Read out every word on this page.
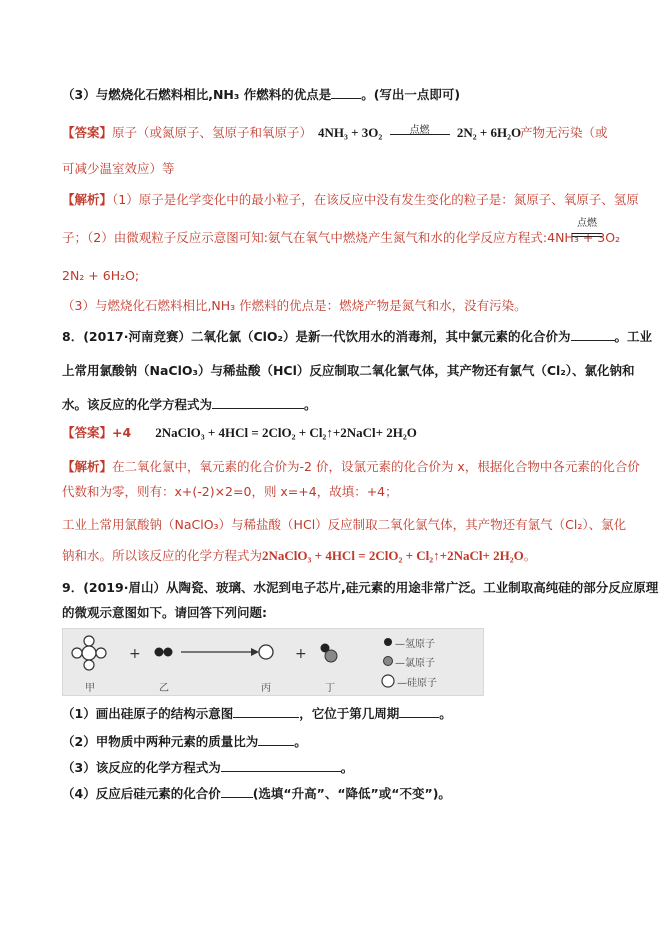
（3）与燃烧化石燃料相比,NH₃ 作燃料的优点是 。(写出一点即可)
【答案】原子（或氮原子、氢原子和氧原子） 4NH₃ + 3O₂	点燃	2N₂ + 6H₂O
产物无污染（或
可减少温室效应）等
【解析】（1）原子是化学变化中的最小粒子，在该反应中没有发生变化的粒子是：氮原子、氧原子、氢原
子；（2）由微观粒子反应示意图可知:氨气在氧气中燃烧产生氮气和水的化学反应方程式:4NH₃ + 3O₂
点燃
2N₂ + 6H₂O;
（3）与燃烧化石燃料相比,NH₃ 作燃料的优点是：燃烧产物是氮气和水，没有污染。
8．(2017·河南竞赛）二氧化氯（ClO₂）是新一代饮用水的消毒剂，其中氯元素的化合价为	。工业
上常用氯酸钠（NaClO₃）与稀盐酸（HCl）反应制取二氧化氯气体，其产物还有氯气（Cl₂）、氯化钠和
水。该反应的化学方程式为	。
【答案】+4 2NaClO₃ + 4HCl = 2ClO₂ + Cl₂↑+2NaCl+ 2H₂O
【解析】在二氧化氯中，氧元素的化合价为-2 价，设氯元素的化合价为 x，根据化合物中各元素的化合价
代数和为零，则有：x+(-2)×2=0，则 x=+4，故填：+4；
工业上常用氯酸钠（NaClO₃）与稀盐酸（HCl）反应制取二氧化氯气体，其产物还有氯气（Cl₂）、氯化
钠和水。所以该反应的化学方程式为2NaClO₃ + 4HCl = 2ClO₂ + Cl₂↑+2NaCl+ 2H₂O。
9．(2019·眉山）从陶瓷、玻璃、水泥到电子芯片,硅元素的用途非常广泛。工业制取高纯硅的部分反应原理
的微观示意图如下。请回答下列问题:
+	+
甲	乙	丙	丁
—氢原子
—氯原子
—硅原子
（1）画出硅原子的结构示意图	，它位于第几周期	。
（2）甲物质中两种元素的质量比为	。
（3）该反应的化学方程式为	。
（4）反应后硅元素的化合价	(选填“升高”、“降低”或“不变”)。
